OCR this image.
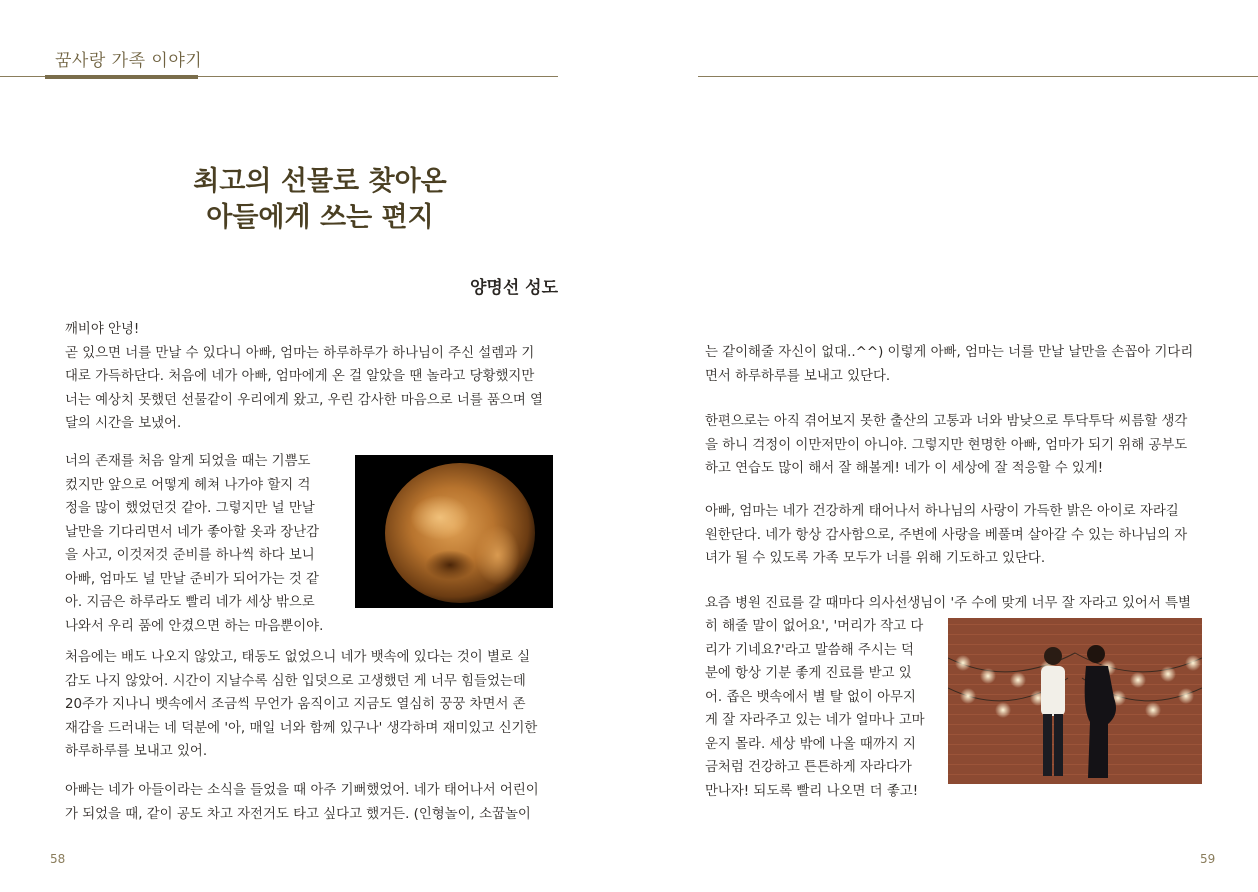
꿈사랑 가족 이야기
최고의 선물로 찾아온
아들에게 쓰는 편지
양명선 성도

깨비야 안녕!

곧 있으면 너를 만날 수 있다니 아빠, 엄마는 하루하루가 하나님이 주신 설렘과 기

대로 가득하단다. 처음에 네가 아빠, 엄마에게 온 걸 알았을 땐 놀라고 당황했지만

너는 예상치 못했던 선물같이 우리에게 왔고, 우린 감사한 마음으로 너를 품으며 열

달의 시간을 보냈어.

너의 존재를 처음 알게 되었을 때는 기쁨도

컸지만 앞으로 어떻게 헤쳐 나가야 할지 걱

정을 많이 했었던것 같아. 그렇지만 널 만날

날만을 기다리면서 네가 좋아할 옷과 장난감

을 사고, 이것저것 준비를 하나씩 하다 보니

아빠, 엄마도 널 만날 준비가 되어가는 것 같

아. 지금은 하루라도 빨리 네가 세상 밖으로

나와서 우리 품에 안겼으면 하는 마음뿐이야.

처음에는 배도 나오지 않았고, 태동도 없었으니 네가 뱃속에 있다는 것이 별로 실

감도 나지 않았어. 시간이 지날수록 심한 입덧으로 고생했던 게 너무 힘들었는데

20주가 지나니 뱃속에서 조금씩 무언가 움직이고 지금도 열심히 꿍꿍 차면서 존

재감을 드러내는 네 덕분에 '아, 매일 너와 함께 있구나' 생각하며 재미있고 신기한

하루하루를 보내고 있어.

아빠는 네가 아들이라는 소식을 들었을 때 아주 기뻐했었어. 네가 태어나서 어린이

가 되었을 때, 같이 공도 차고 자전거도 타고 싶다고 했거든. (인형놀이, 소꿉놀이

58

는 같이해줄 자신이 없대..^^) 이렇게 아빠, 엄마는 너를 만날 날만을 손꼽아 기다리

면서 하루하루를 보내고 있단다.

한편으로는 아직 겪어보지 못한 출산의 고통과 너와 밤낮으로 투닥투닥 씨름할 생각

을 하니 걱정이 이만저만이 아니야. 그렇지만 현명한 아빠, 엄마가 되기 위해 공부도

하고 연습도 많이 해서 잘 해볼게! 네가 이 세상에 잘 적응할 수 있게!

아빠, 엄마는 네가 건강하게 태어나서 하나님의 사랑이 가득한 밝은 아이로 자라길

원한단다. 네가 항상 감사함으로, 주변에 사랑을 베풀며 살아갈 수 있는 하나님의 자

녀가 될 수 있도록 가족 모두가 너를 위해 기도하고 있단다.

요즘 병원 진료를 갈 때마다 의사선생님이 '주 수에 맞게 너무 잘 자라고 있어서 특별

히 해줄 말이 없어요', '머리가 작고 다

리가 기네요?'라고 말씀해 주시는 덕

분에 항상 기분 좋게 진료를 받고 있

어. 좁은 뱃속에서 별 탈 없이 아무지

게 잘 자라주고 있는 네가 얼마나 고마

운지 몰라. 세상 밖에 나올 때까지 지

금처럼 건강하고 튼튼하게 자라다가

만나자! 되도록 빨리 나오면 더 좋고!

59
